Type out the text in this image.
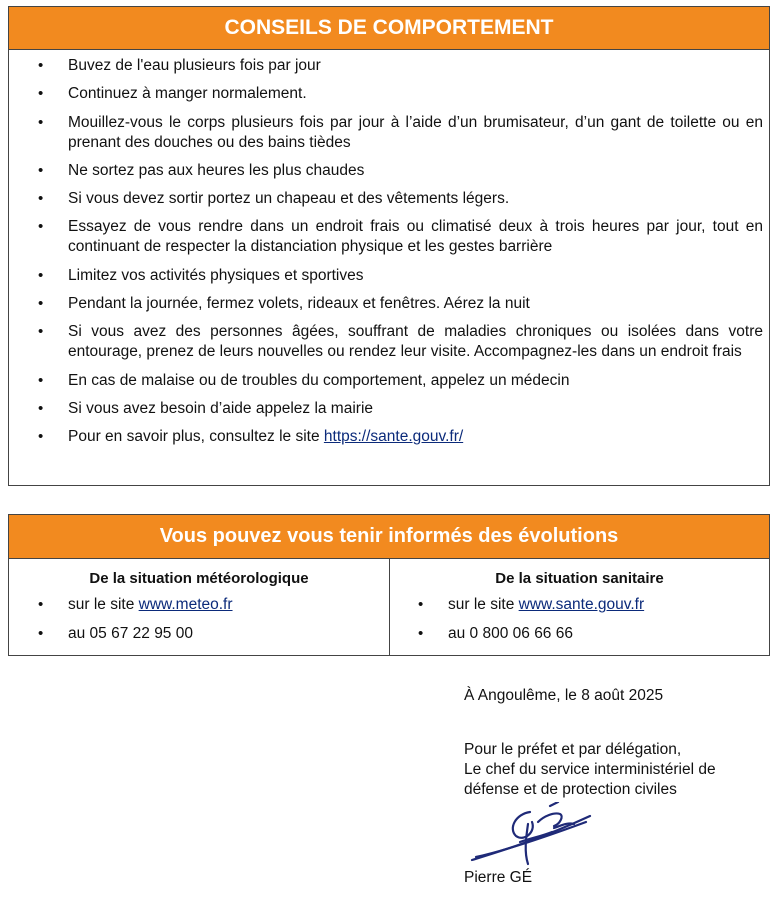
CONSEILS DE COMPORTEMENT
• Buvez de l'eau plusieurs fois par jour
• Continuez à manger normalement.
• Mouillez-vous le corps plusieurs fois par jour à l’aide d’un brumisateur, d’un gant de toilette ou en prenant des douches ou des bains tièdes
• Ne sortez pas aux heures les plus chaudes
• Si vous devez sortir portez un chapeau et des vêtements légers.
• Essayez de vous rendre dans un endroit frais ou climatisé deux à trois heures par jour, tout en continuant de respecter la distanciation physique et les gestes barrière
• Limitez vos activités physiques et sportives
• Pendant la journée, fermez volets, rideaux et fenêtres. Aérez la nuit
• Si vous avez des personnes âgées, souffrant de maladies chroniques ou isolées dans votre entourage, prenez de leurs nouvelles ou rendez leur visite. Accompagnez-les dans un endroit frais
• En cas de malaise ou de troubles du comportement, appelez un médecin
• Si vous avez besoin d’aide appelez la mairie
• Pour en savoir plus, consultez le site https://sante.gouv.fr/
Vous pouvez vous tenir informés des évolutions
De la situation météorologique
• sur le site www.meteo.fr
• au 05 67 22 95 00
De la situation sanitaire
• sur le site www.sante.gouv.fr
• au 0 800 06 66 66
À Angoulême, le 8 août 2025
Pour le préfet et par délégation,
Le chef du service interministériel de
défense et de protection civiles
Pierre GÉ
